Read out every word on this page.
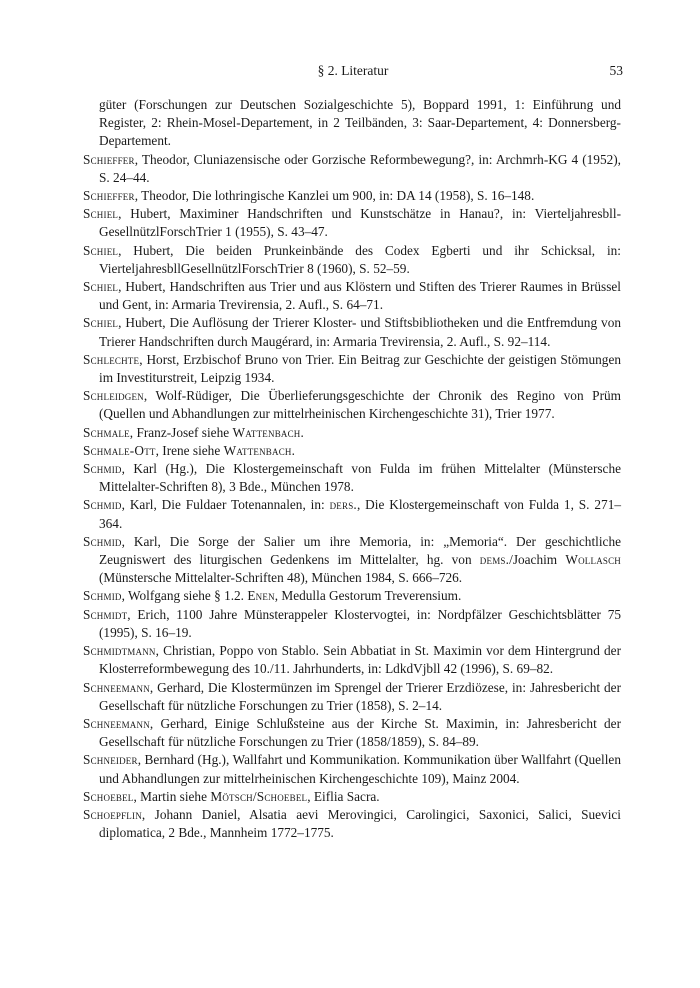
§ 2. Literatur	53

güter (Forschungen zur Deutschen Sozialgeschichte 5), Boppard 1991, 1: Einführung und Register, 2: Rhein-Mosel-Departement, in 2 Teilbänden, 3: Saar-Departement, 4: Donnersberg-Departement.

Schieffer, Theodor, Cluniazensische oder Gorzische Reformbewegung?, in: Archmrh-KG 4 (1952), S. 24–44.

Schieffer, Theodor, Die lothringische Kanzlei um 900, in: DA 14 (1958), S. 16–148.

Schiel, Hubert, Maximiner Handschriften und Kunstschätze in Hanau?, in: VierteljahresbllGesellnützlForschTrier 1 (1955), S. 43–47.

Schiel, Hubert, Die beiden Prunkeinbände des Codex Egberti und ihr Schicksal, in: VierteljahresbllGesellnützlForschTrier 8 (1960), S. 52–59.

Schiel, Hubert, Handschriften aus Trier und aus Klöstern und Stiften des Trierer Raumes in Brüssel und Gent, in: Armaria Trevirensia, 2. Aufl., S. 64–71.

Schiel, Hubert, Die Auflösung der Trierer Kloster- und Stiftsbibliotheken und die Entfremdung von Trierer Handschriften durch Maugérard, in: Armaria Trevirensia, 2. Aufl., S. 92–114.

Schlechte, Horst, Erzbischof Bruno von Trier. Ein Beitrag zur Geschichte der geistigen Stömungen im Investiturstreit, Leipzig 1934.

Schleidgen, Wolf-Rüdiger, Die Überlieferungsgeschichte der Chronik des Regino von Prüm (Quellen und Abhandlungen zur mittelrheinischen Kirchengeschichte 31), Trier 1977.

Schmale, Franz-Josef siehe Wattenbach.

Schmale-Ott, Irene siehe Wattenbach.

Schmid, Karl (Hg.), Die Klostergemeinschaft von Fulda im frühen Mittelalter (Münstersche Mittelalter-Schriften 8), 3 Bde., München 1978.

Schmid, Karl, Die Fuldaer Totenannalen, in: ders., Die Klostergemeinschaft von Fulda 1, S. 271–364.

Schmid, Karl, Die Sorge der Salier um ihre Memoria, in: „Memoria“. Der geschichtliche Zeugniswert des liturgischen Gedenkens im Mittelalter, hg. von dems./Joachim Wollasch (Münstersche Mittelalter-Schriften 48), München 1984, S. 666–726.

Schmid, Wolfgang siehe § 1.2. Enen, Medulla Gestorum Treverensium.

Schmidt, Erich, 1100 Jahre Münsterappeler Klostervogtei, in: Nordpfälzer Geschichtsblätter 75 (1995), S. 16–19.

Schmidtmann, Christian, Poppo von Stablo. Sein Abbatiat in St. Maximin vor dem Hintergrund der Klosterreformbewegung des 10./11. Jahrhunderts, in: LdkdVjbll 42 (1996), S. 69–82.

Schneemann, Gerhard, Die Klostermünzen im Sprengel der Trierer Erzdiözese, in: Jahresbericht der Gesellschaft für nützliche Forschungen zu Trier (1858), S. 2–14.

Schneemann, Gerhard, Einige Schlußsteine aus der Kirche St. Maximin, in: Jahresbericht der Gesellschaft für nützliche Forschungen zu Trier (1858/1859), S. 84–89.

Schneider, Bernhard (Hg.), Wallfahrt und Kommunikation. Kommunikation über Wallfahrt (Quellen und Abhandlungen zur mittelrheinischen Kirchengeschichte 109), Mainz 2004.

Schoebel, Martin siehe Mötsch/Schoebel, Eiflia Sacra.

Schoepflin, Johann Daniel, Alsatia aevi Merovingici, Carolingici, Saxonici, Salici, Suevici diplomatica, 2 Bde., Mannheim 1772–1775.
